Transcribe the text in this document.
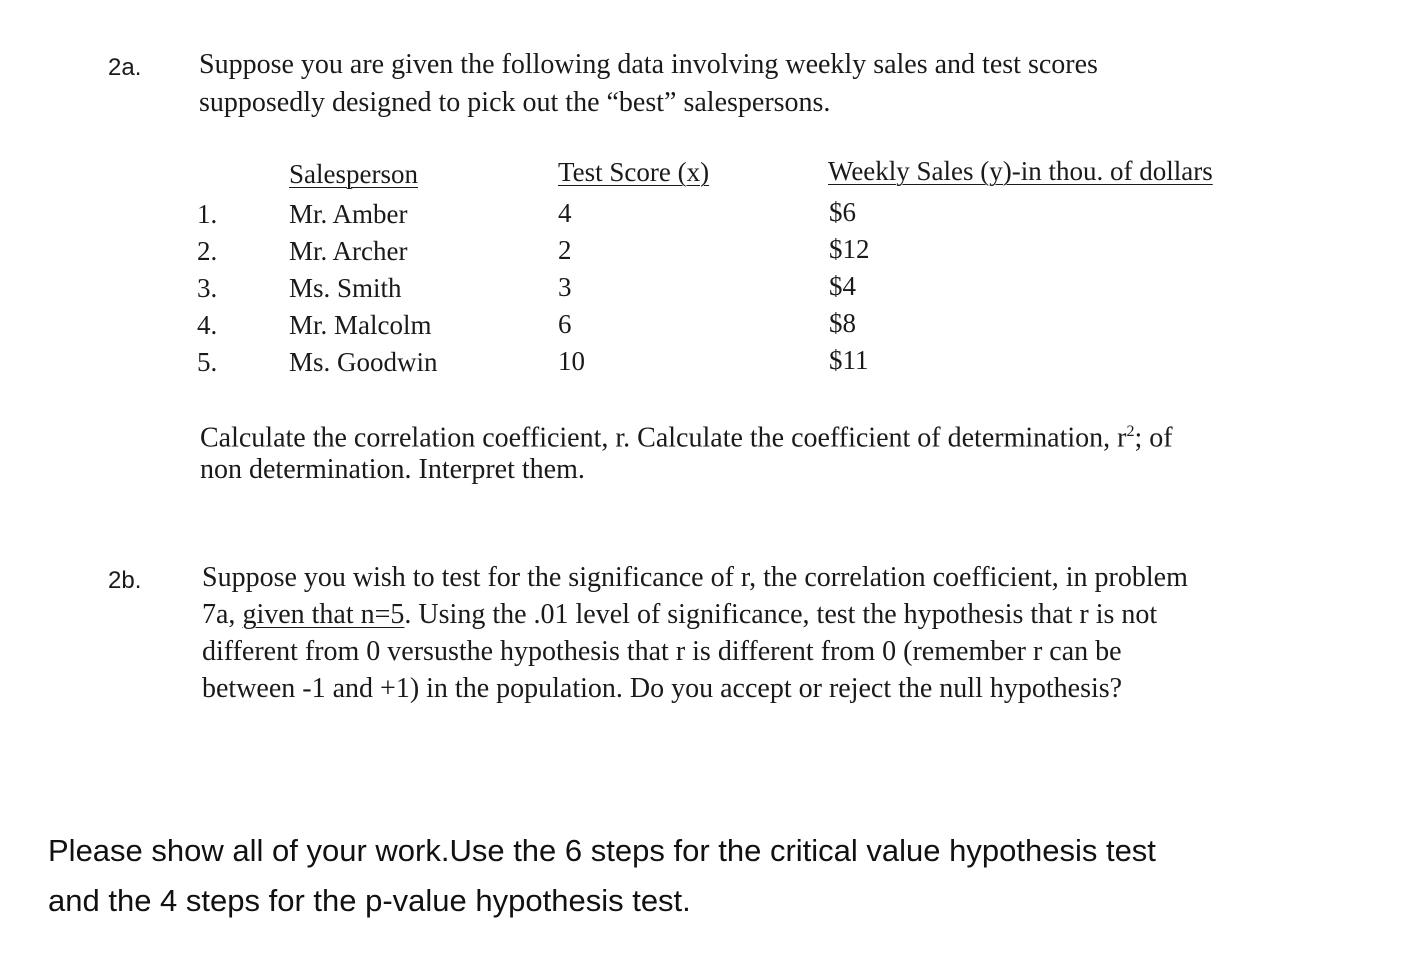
2a. Suppose you are given the following data involving weekly sales and test scores
supposedly designed to pick out the “best” salespersons.
Salesperson	Test Score (x)	Weekly Sales (y)-in thou. of dollars
1.
2.
3.
4.
5.
Mr. Amber
Mr. Archer
Ms. Smith
Mr. Malcolm
Ms. Goodwin
4
2
3
6
10
$6
$12
$4
$8
$11
Calculate the correlation coefficient, r. Calculate the coefficient of determination, $r^2$; of
non determination. Interpret them.
2b. Suppose you wish to test for the significance of r, the correlation coefficient, in problem
7a, given that n=5. Using the .01 level of significance, test the hypothesis that r is not
different from 0 versusthe hypothesis that r is different from 0 (remember r can be
between -1 and +1) in the population. Do you accept or reject the null hypothesis?
Please show all of your work.Use the 6 steps for the critical value hypothesis test
and the 4 steps for the p-value hypothesis test.
